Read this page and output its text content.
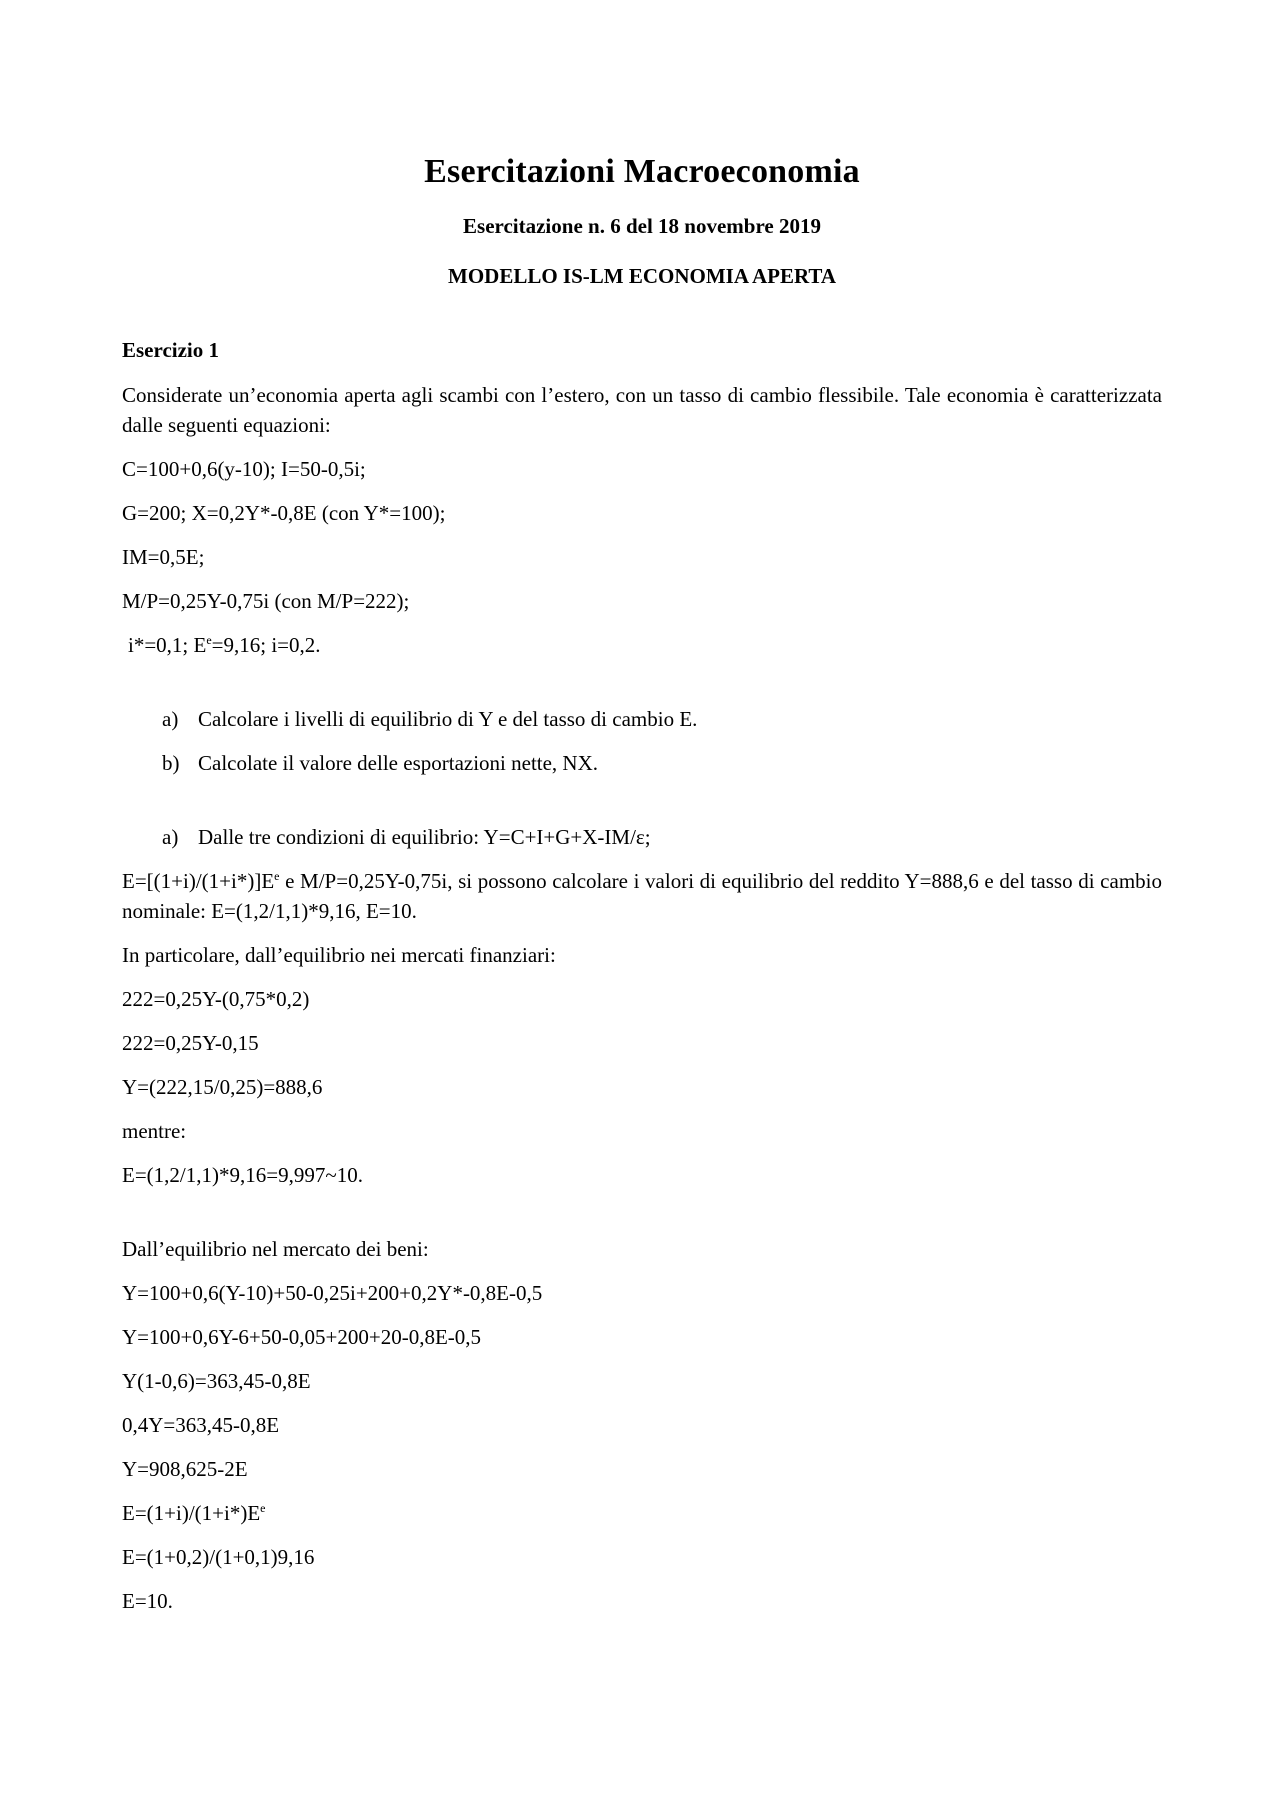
Esercitazioni Macroeconomia
Esercitazione n. 6 del 18 novembre 2019
MODELLO IS-LM ECONOMIA APERTA
Esercizio 1

Considerate un’economia aperta agli scambi con l’estero, con un tasso di cambio flessibile. Tale economia è caratterizzata dalle seguenti equazioni:

C=100+0,6(y-10); I=50-0,5i;

G=200; X=0,2Y*-0,8E (con Y*=100);

IM=0,5E;

M/P=0,25Y-0,75i (con M/P=222);

i*=0,1; $E^e=9,16$; i=0,2.

a) Calcolare i livelli di equilibrio di Y e del tasso di cambio E.
b) Calcolate il valore delle esportazioni nette, NX.
a) Dalle tre condizioni di equilibrio: Y=C+I+G+X-IM/ε;

$E=[(1+i)/(1+i*)]E^e$ e M/P=0,25Y-0,75i, si possono calcolare i valori di equilibrio del reddito Y=888,6 e del tasso di cambio nominale: E=(1,2/1,1)*9,16, E=10.

In particolare, dall’equilibrio nei mercati finanziari:

222=0,25Y-(0,75*0,2)

222=0,25Y-0,15

Y=(222,15/0,25)=888,6

mentre:

E=(1,2/1,1)*9,16=9,997~10.

Dall’equilibrio nel mercato dei beni:

Y=100+0,6(Y-10)+50-0,25i+200+0,2Y*-0,8E-0,5

Y=100+0,6Y-6+50-0,05+200+20-0,8E-0,5

Y(1-0,6)=363,45-0,8E

0,4Y=363,45-0,8E

Y=908,625-2E

$E=(1+i)/(1+i*)E^e$

E=(1+0,2)/(1+0,1)9,16

E=10.
